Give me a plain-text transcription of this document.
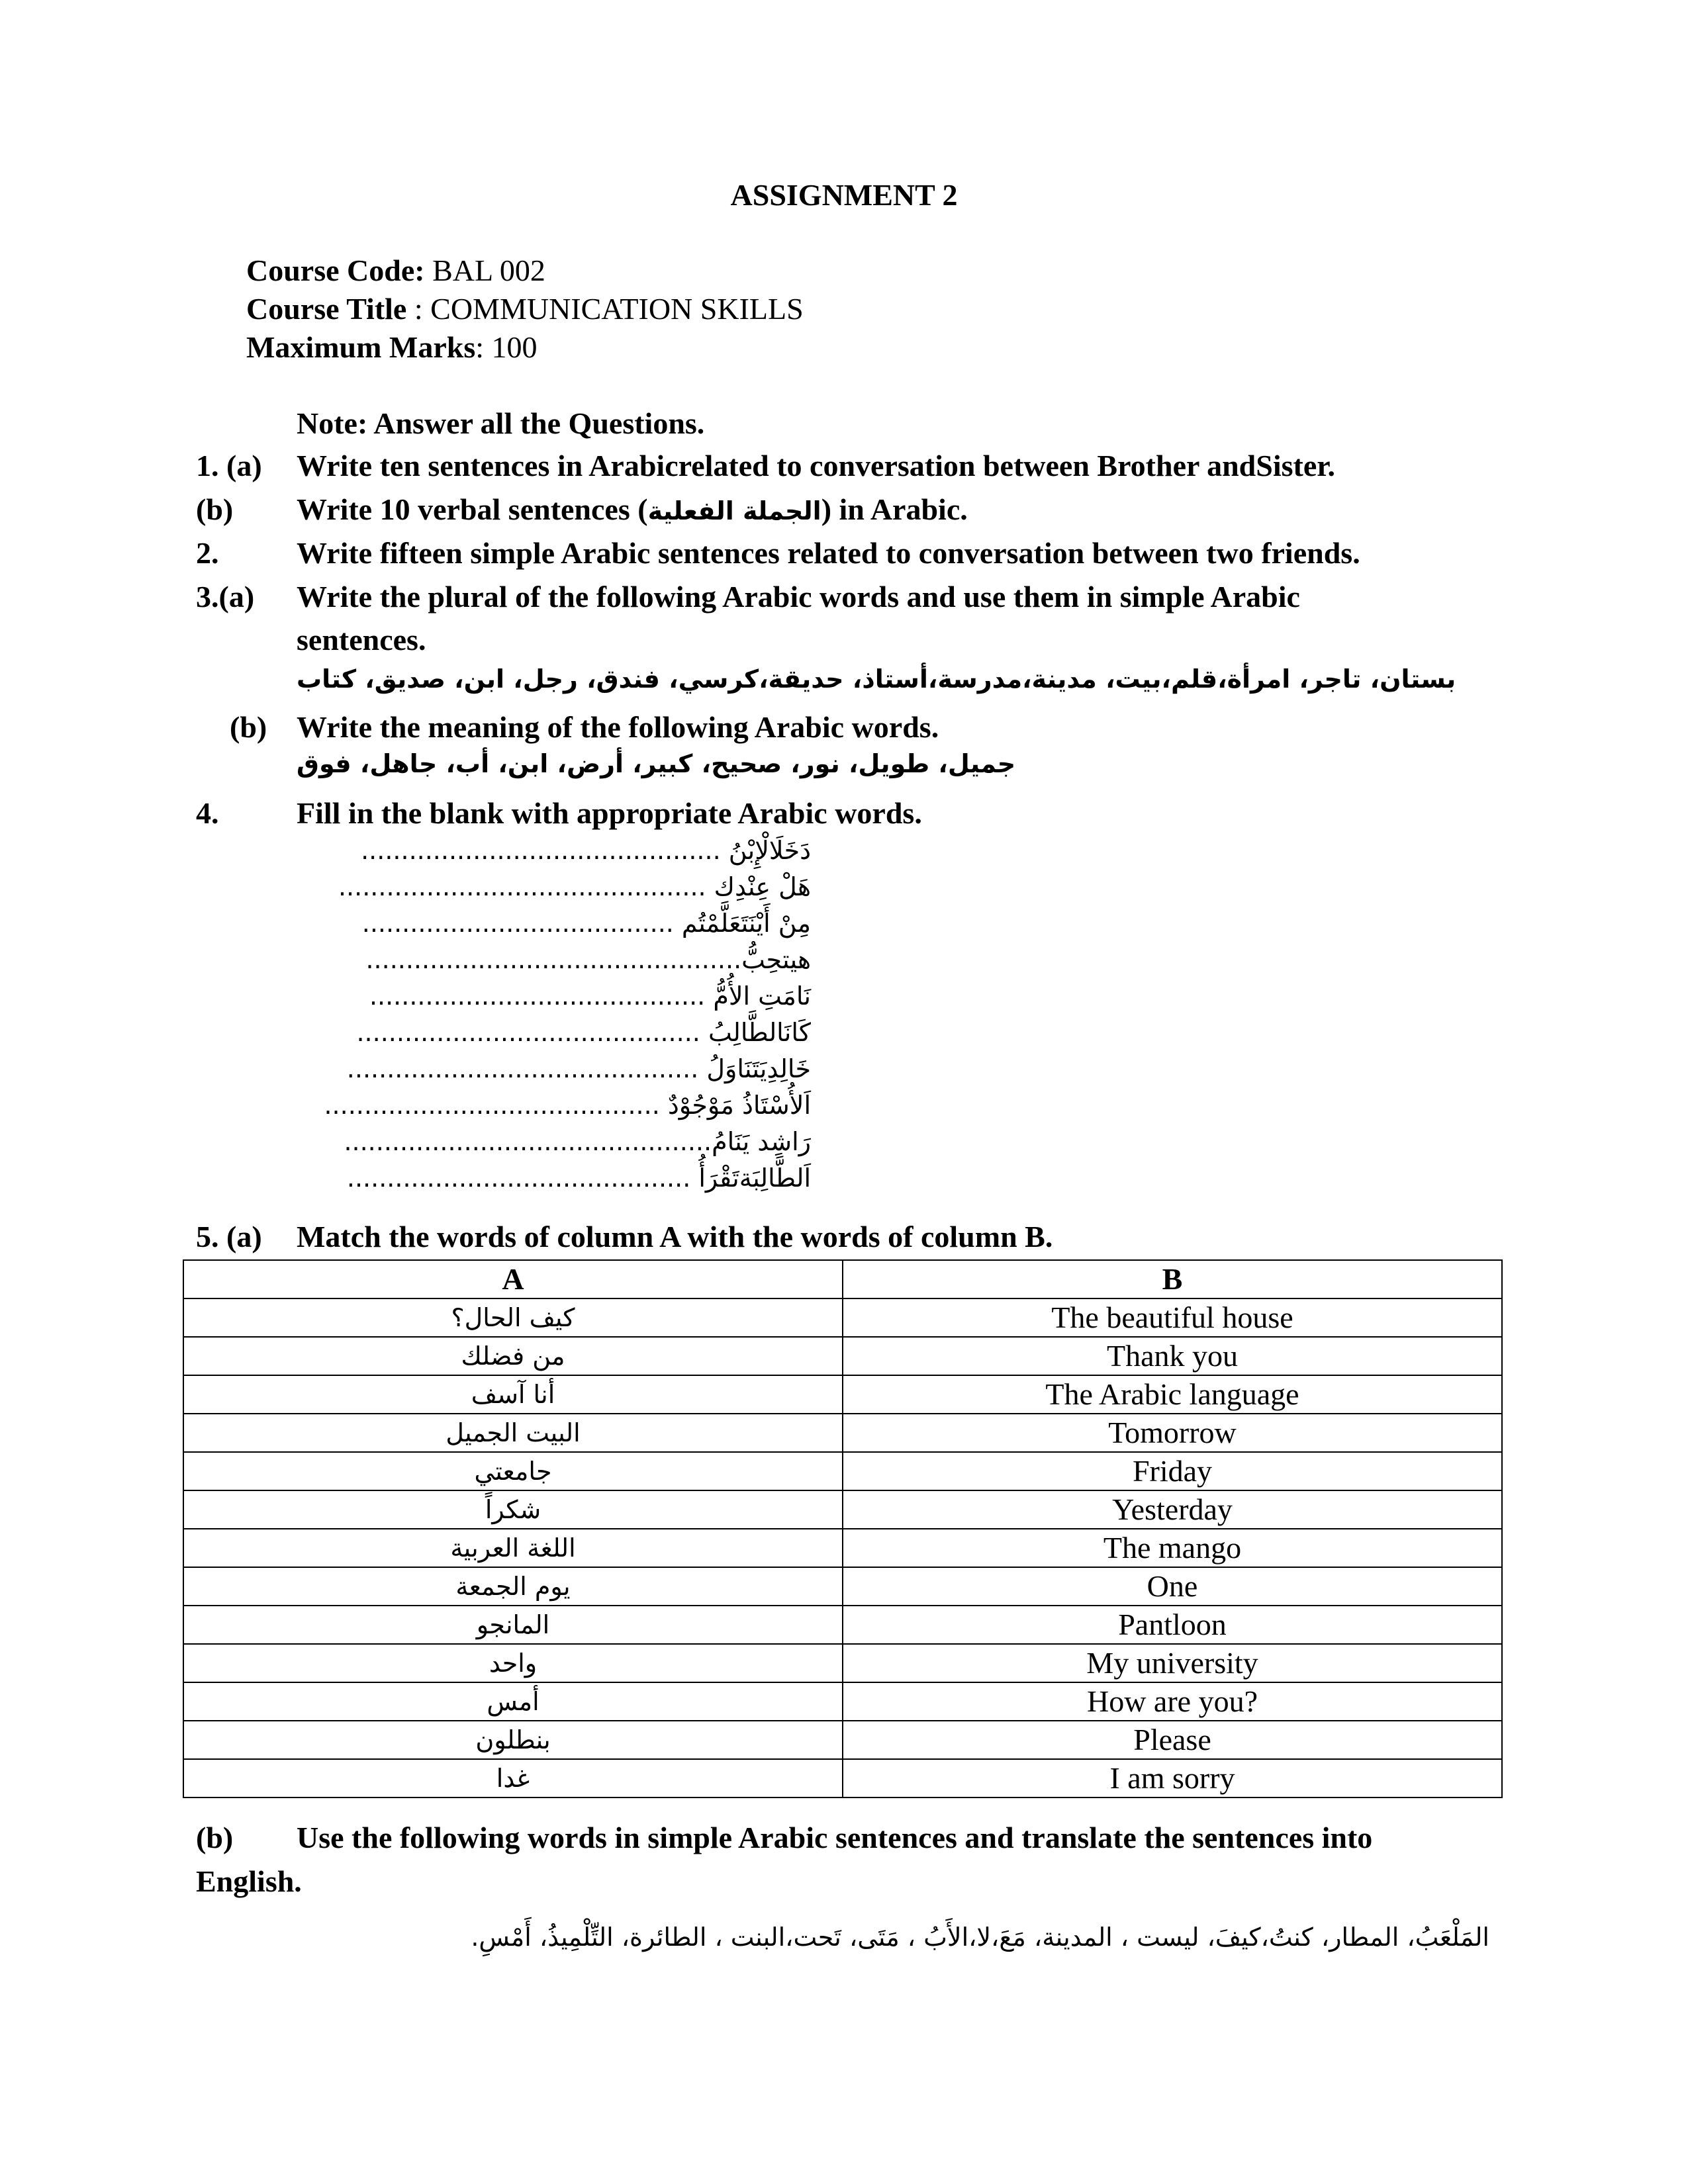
ASSIGNMENT 2
Course Code: BAL 002
Course Title : COMMUNICATION SKILLS
Maximum Marks: 100
Note: Answer all the Questions.
1. (a) Write ten sentences in Arabicrelated to conversation between Brother andSister.
(b) Write 10 verbal sentences (الجملة الفعلية) in Arabic.
2.	Write fifteen simple Arabic sentences related to conversation between two friends.
3.(a) Write the plural of the following Arabic words and use them in simple Arabic
sentences.
بستان، تاجر، امرأة،قلم،بيت، مدينة،مدرسة،أستاذ، حديقة،كرسي، فندق، رجل، ابن، صديق، كتاب
(b) Write the meaning of the following Arabic words.
جميل، طويل، نور، صحيح، كبير، أرض، ابن، أب، جاهل، فوق
4.	Fill in the blank with appropriate Arabic words.
دَخَلَالْإِبْنُ .............................................
هَلْ عِنْدِك ..............................................
مِنْ أَيْنَتَعَلَّمْتُم .......................................
هيتحِبُّ...............................................
نَامَتِ الأُمُّ ..........................................
كَانَالطَّالِبُ ...........................................
خَالِدِيَتَنَاوَلُ ............................................
اَلأُسْتَاذُ مَوْجُوْدٌ ..........................................
رَاشِد يَنَامُ..............................................
اَلطَّالِبَةتَقْرَأُ ...........................................
5. (a) Match the words of column A with the words of column B.
A	B
كيف الحال؟	The beautiful house
من فضلك	Thank you
أنا آسف	The Arabic language
البيت الجميل	Tomorrow
جامعتي	Friday
شكراً	Yesterday
اللغة العربية	The mango
يوم الجمعة	One
المانجو	Pantloon
واحد	My university
أمس	How are you?
بنطلون	Please
غدا	I am sorry
(b) Use the following words in simple Arabic sentences and translate the sentences into
English.
المَلْعَبُ، المطار، كنتُ،كيفَ، ليست ، المدينة، مَعَ،لا،الأَبُ ، مَتَى، تَحت،البنت ، الطائرة، التِّلْمِيذُ، أَمْسِ.
